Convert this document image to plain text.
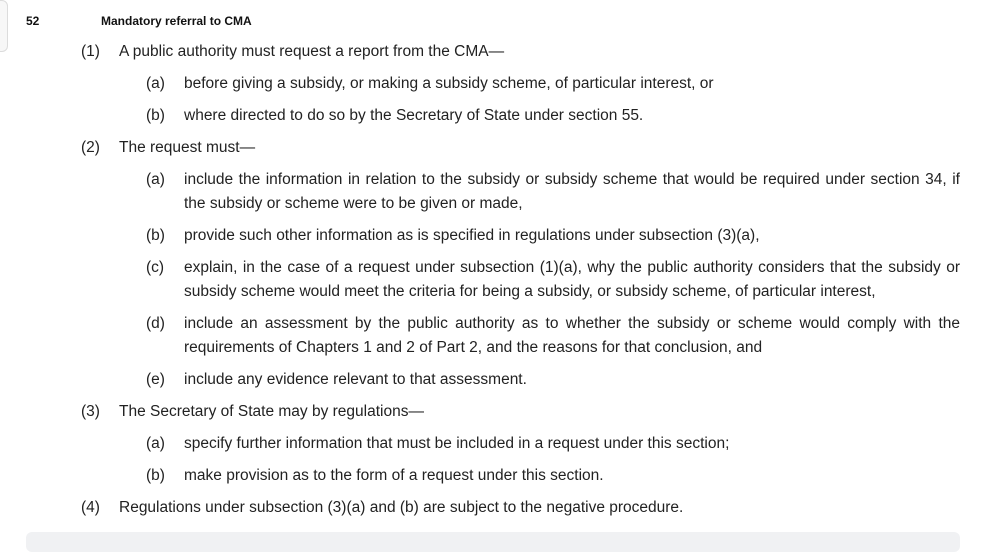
52	Mandatory referral to CMA
(1) A public authority must request a report from the CMA—
(a) before giving a subsidy, or making a subsidy scheme, of particular interest, or
(b) where directed to do so by the Secretary of State under section 55.
(2) The request must—
(a) include the information in relation to the subsidy or subsidy scheme that would be required under section 34, if the subsidy or scheme were to be given or made,
(b) provide such other information as is specified in regulations under subsection (3)(a),
(c) explain, in the case of a request under subsection (1)(a), why the public authority considers that the subsidy or subsidy scheme would meet the criteria for being a subsidy, or subsidy scheme, of particular interest,
(d) include an assessment by the public authority as to whether the subsidy or scheme would comply with the requirements of Chapters 1 and 2 of Part 2, and the reasons for that conclusion, and
(e) include any evidence relevant to that assessment.
(3) The Secretary of State may by regulations—
(a) specify further information that must be included in a request under this section;
(b) make provision as to the form of a request under this section.
(4) Regulations under subsection (3)(a) and (b) are subject to the negative procedure.
